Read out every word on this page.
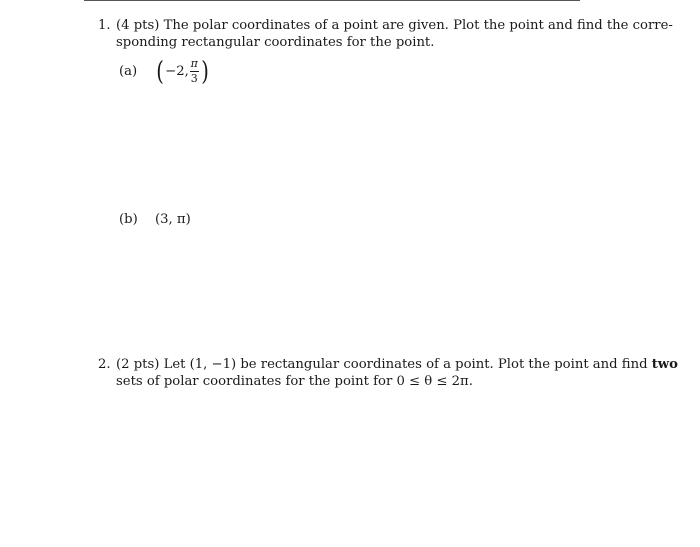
1. (4 pts) The polar coordinates of a point are given. Plot the point and find the corre-
sponding rectangular coordinates for the point.
(a) ( −2, $\frac{\pi}{3}$ )
(b)	(3, π)
2. (2 pts) Let (1, −1) be rectangular coordinates of a point. Plot the point and find two
sets of polar coordinates for the point for 0 ≤ θ ≤ 2π.
